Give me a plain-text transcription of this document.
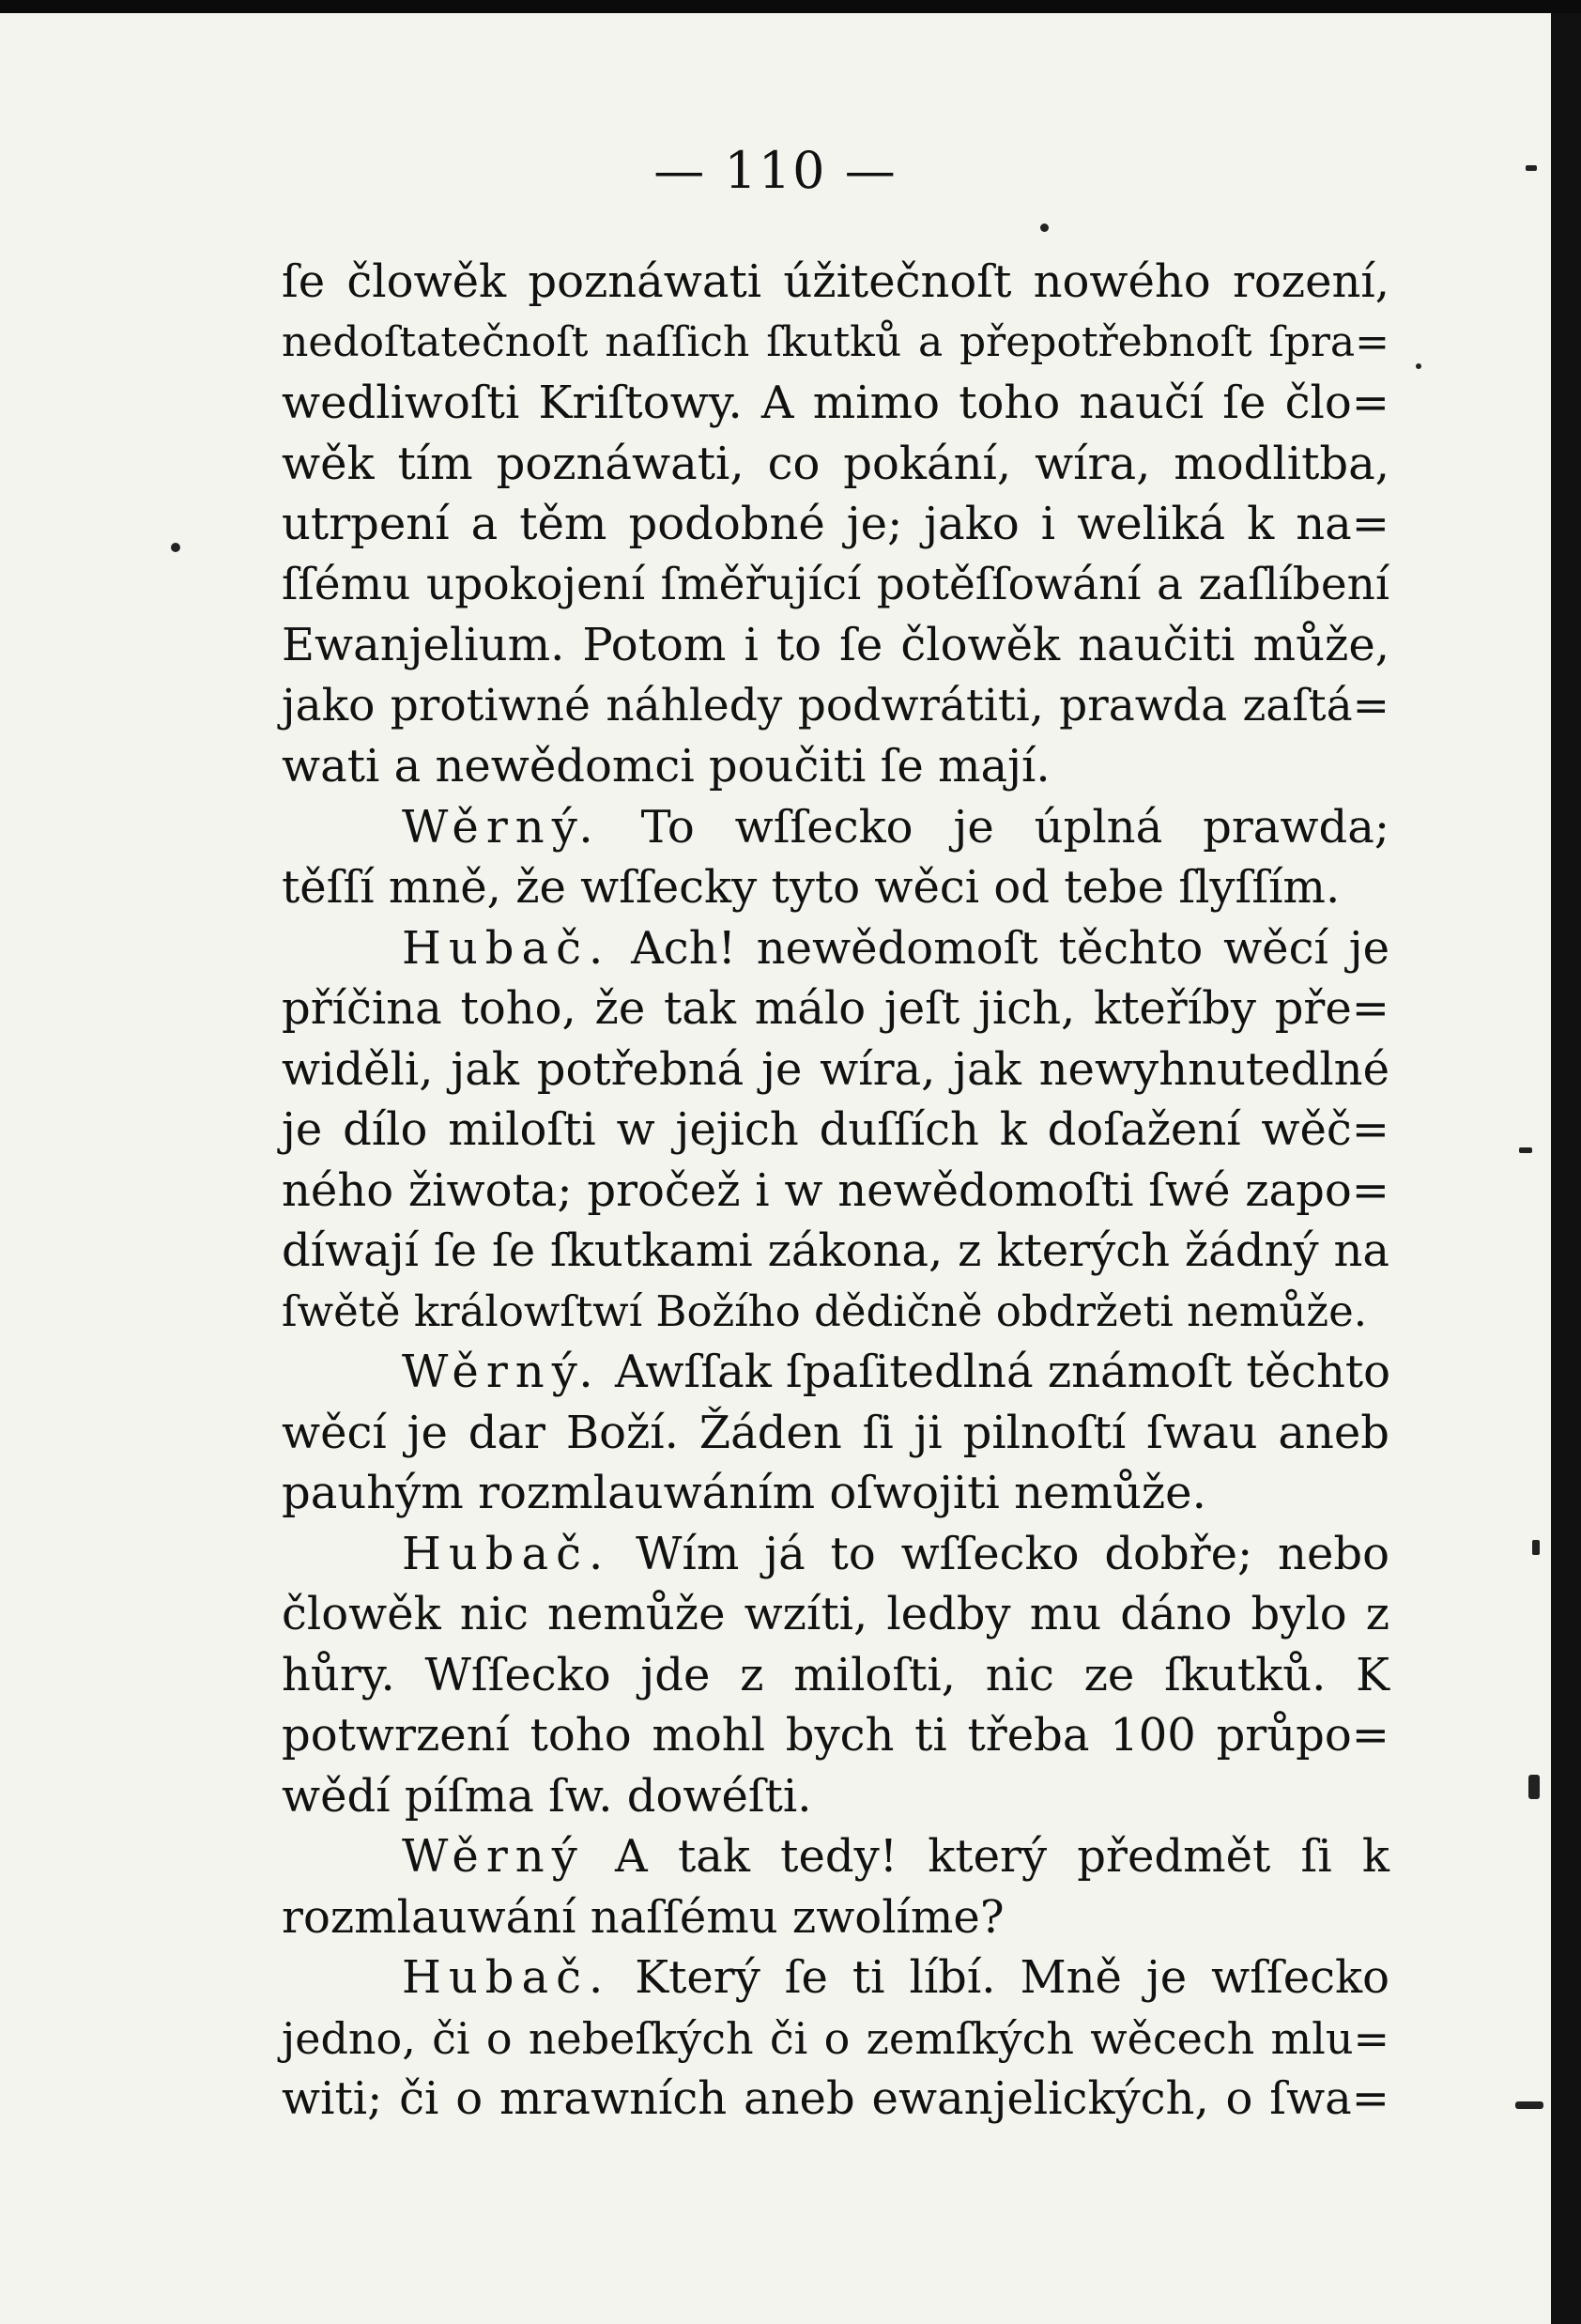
— 110 —
ſe člowěk poznáwati úžitečnoſt nowého rození,
nedoſtatečnoſt naſſich ſkutků a přepotřebnoſt ſpra=
wedliwoſti Kriſtowy. A mimo toho naučí ſe člo=
wěk tím poznáwati, co pokání, wíra, modlitba,
utrpení a těm podobné je; jako i weliká k na=
ſſému upokojení ſměřující potěſſowání a zaſlíbení
Ewanjelium. Potom i to ſe člowěk naučiti může,
jako protiwné náhledy podwrátiti, prawda zaſtá=
wati a newědomci poučiti ſe mají.
Wěrný. To wſſecko je úplná prawda;
těſſí mně, že wſſecky tyto wěci od tebe ſlyſſím.
Hubač. Ach! newědomoſt těchto wěcí je
příčina toho, že tak málo jeſt jich, kteříby pře=
widěli, jak potřebná je wíra, jak newyhnutedlné
je dílo miloſti w jejich duſſích k doſažení wěč=
ného žiwota; pročež i w newědomoſti ſwé zapo=
díwají ſe ſe ſkutkami zákona, z kterých žádný na
ſwětě králowſtwí Božího dědičně obdržeti nemůže.
Wěrný. Awſſak ſpaſitedlná známoſt těchto
wěcí je dar Boží. Žáden ſi ji pilnoſtí ſwau aneb
pauhým rozmlauwáním oſwojiti nemůže.
Hubač. Wím já to wſſecko dobře; nebo
člowěk nic nemůže wzíti, ledby mu dáno bylo z
hůry. Wſſecko jde z miloſti, nic ze ſkutků. K
potwrzení toho mohl bych ti třeba 100 průpo=
wědí píſma ſw. dowéſti.
Wěrný A tak tedy! který předmět ſi k
rozmlauwání naſſému zwolíme?
Hubač. Který ſe ti líbí. Mně je wſſecko
jedno, či o nebeſkých či o zemſkých wěcech mlu=
witi; či o mrawních aneb ewanjelických, o ſwa=
